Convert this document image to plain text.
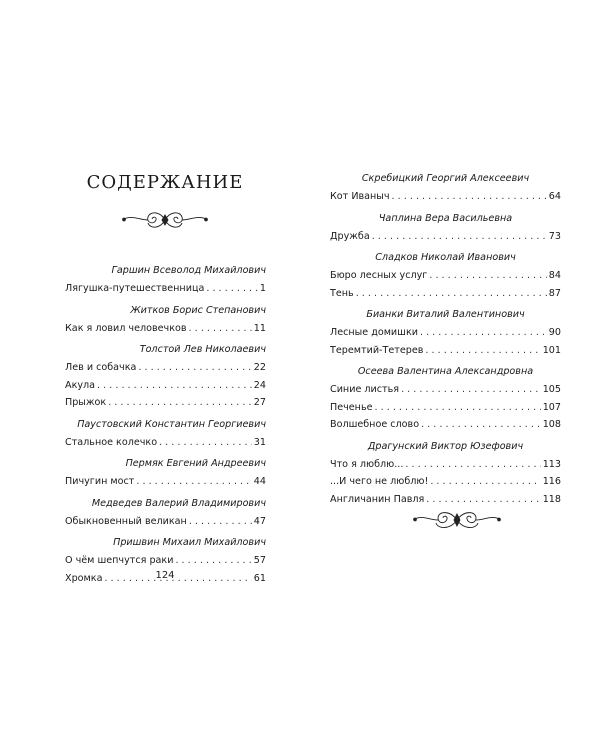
СОДЕРЖАНИЕ
Гаршин Всеволод Михайлович
Лягушка-путешественница . . .	1
Житков Борис Степанович
Как я ловил человечков . . .	11
Толстой Лев Николаевич
Лев и собачка . . .	22
Акула . . .	24
Прыжок . . .	27
Паустовский Константин Георгиевич
Стальное колечко . . .	31
Пермяк Евгений Андреевич
Пичугин мост . . .	44
Медведев Валерий Владимирович
Обыкновенный великан . . .	47
Пришвин Михаил Михайлович
О чём шепчутся раки . . .	57
Хромка . . .	61
Скребицкий Георгий Алексеевич
Кот Иваныч . . .	64
Чаплина Вера Васильевна
Дружба . . .	73
Сладков Николай Иванович
Бюро лесных услуг . . .	84
Тень . . .	87
Бианки Виталий Валентинович
Лесные домишки . . .	90
Теремтий-Тетерев . . .	101
Осеева Валентина Александровна
Синие листья . . .	105
Печенье . . .	107
Волшебное слово . . .	108
Драгунский Виктор Юзефович
Что я люблю... . . .	113
...И чего не люблю! . . .	116
Англичанин Павля . . .	118
124
